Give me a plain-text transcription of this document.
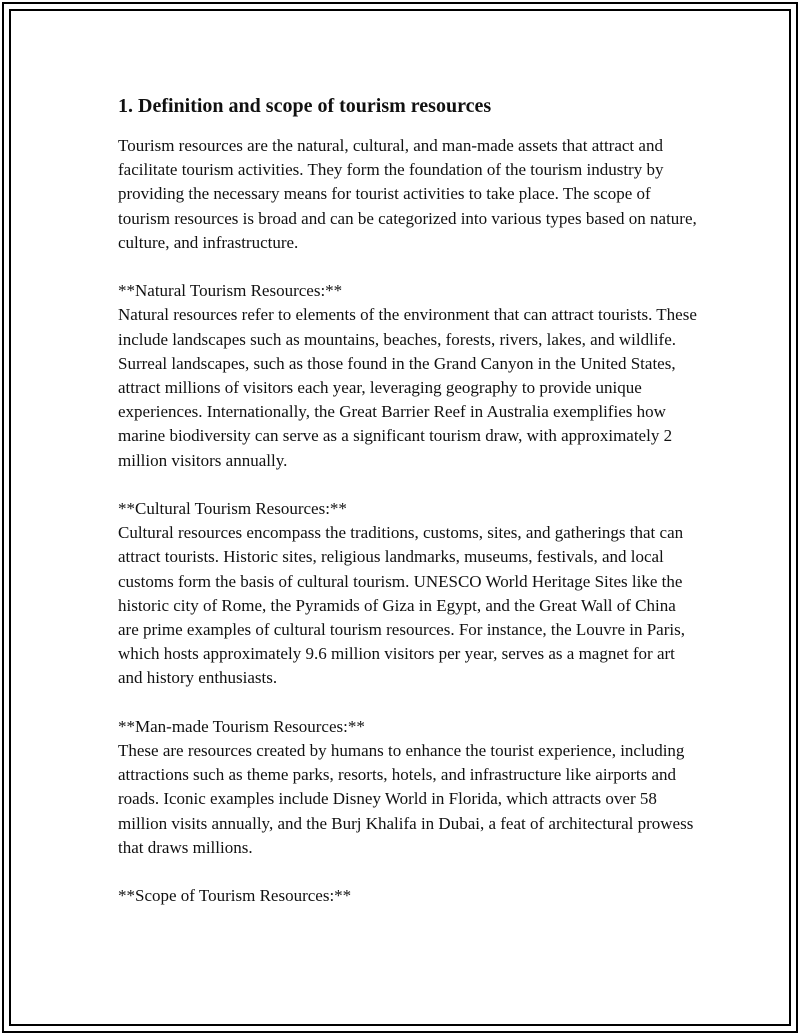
1. Definition and scope of tourism resources

Tourism resources are the natural, cultural, and man-made assets that attract and facilitate tourism activities. They form the foundation of the tourism industry by providing the necessary means for tourist activities to take place. The scope of tourism resources is broad and can be categorized into various types based on nature, culture, and infrastructure.

**Natural Tourism Resources:**

Natural resources refer to elements of the environment that can attract tourists. These include landscapes such as mountains, beaches, forests, rivers, lakes, and wildlife. Surreal landscapes, such as those found in the Grand Canyon in the United States, attract millions of visitors each year, leveraging geography to provide unique experiences. Internationally, the Great Barrier Reef in Australia exemplifies how marine biodiversity can serve as a significant tourism draw, with approximately 2 million visitors annually.

**Cultural Tourism Resources:**

Cultural resources encompass the traditions, customs, sites, and gatherings that can attract tourists. Historic sites, religious landmarks, museums, festivals, and local customs form the basis of cultural tourism. UNESCO World Heritage Sites like the historic city of Rome, the Pyramids of Giza in Egypt, and the Great Wall of China are prime examples of cultural tourism resources. For instance, the Louvre in Paris, which hosts approximately 9.6 million visitors per year, serves as a magnet for art and history enthusiasts.

**Man-made Tourism Resources:**

These are resources created by humans to enhance the tourist experience, including attractions such as theme parks, resorts, hotels, and infrastructure like airports and roads. Iconic examples include Disney World in Florida, which attracts over 58 million visits annually, and the Burj Khalifa in Dubai, a feat of architectural prowess that draws millions.

**Scope of Tourism Resources:**
